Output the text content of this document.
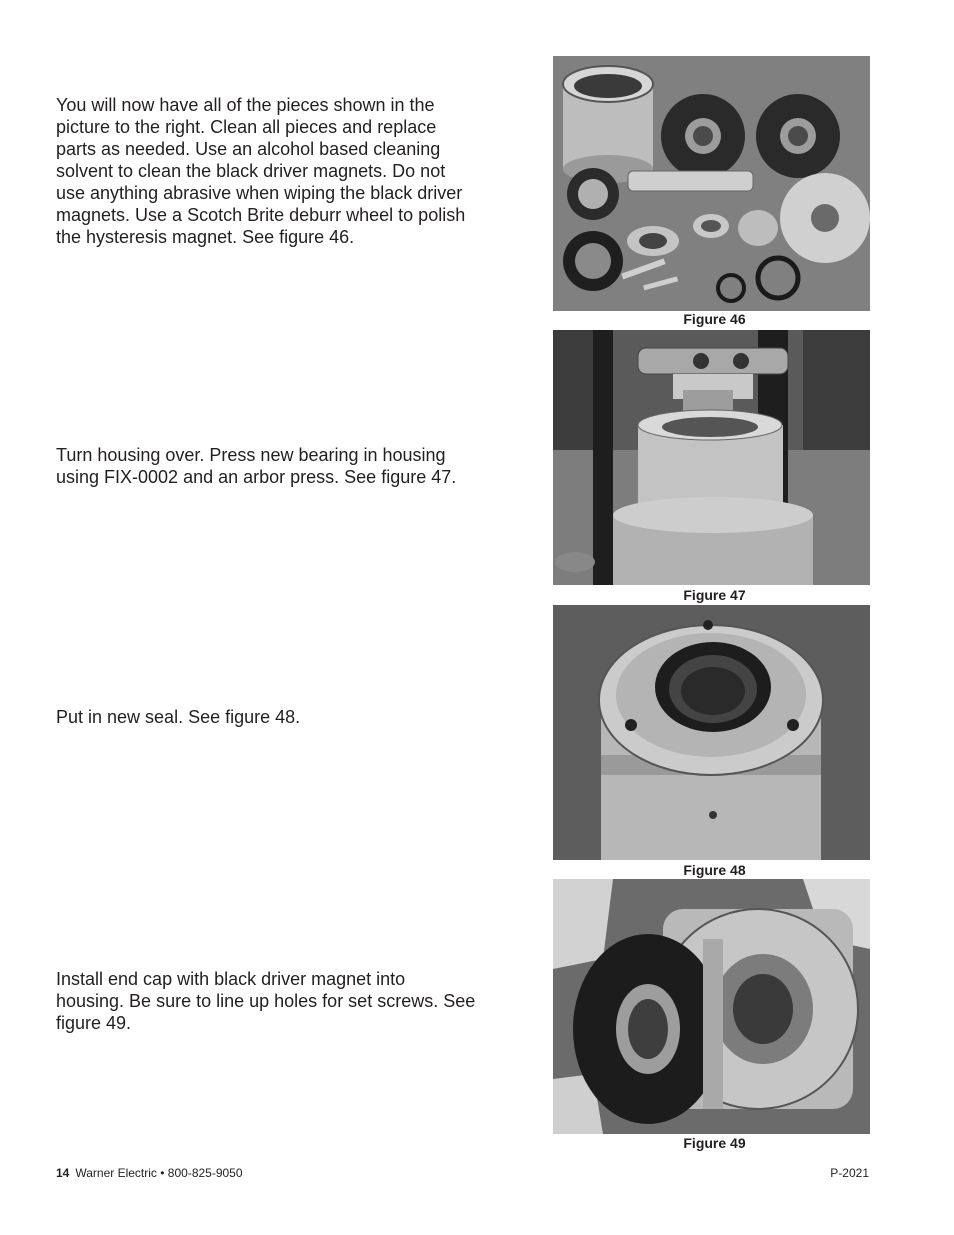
You will now have all of the pieces shown in the picture to the right. Clean all pieces and replace parts as needed. Use an alcohol based cleaning solvent to clean the black driver magnets. Do not use anything abrasive when wiping the black driver magnets. Use a Scotch Brite deburr wheel to polish the hysteresis magnet. See figure 46.

Turn housing over. Press new bearing in housing using FIX-0002 and an arbor press. See figure 47.

Put in new seal. See figure 48.

Install end cap with black driver magnet into housing. Be sure to line up holes for set screws. See figure 49.

Figure 46
Figure 47
Figure 48
Figure 49
14 Warner Electric • 800-825-9050	P-2021
